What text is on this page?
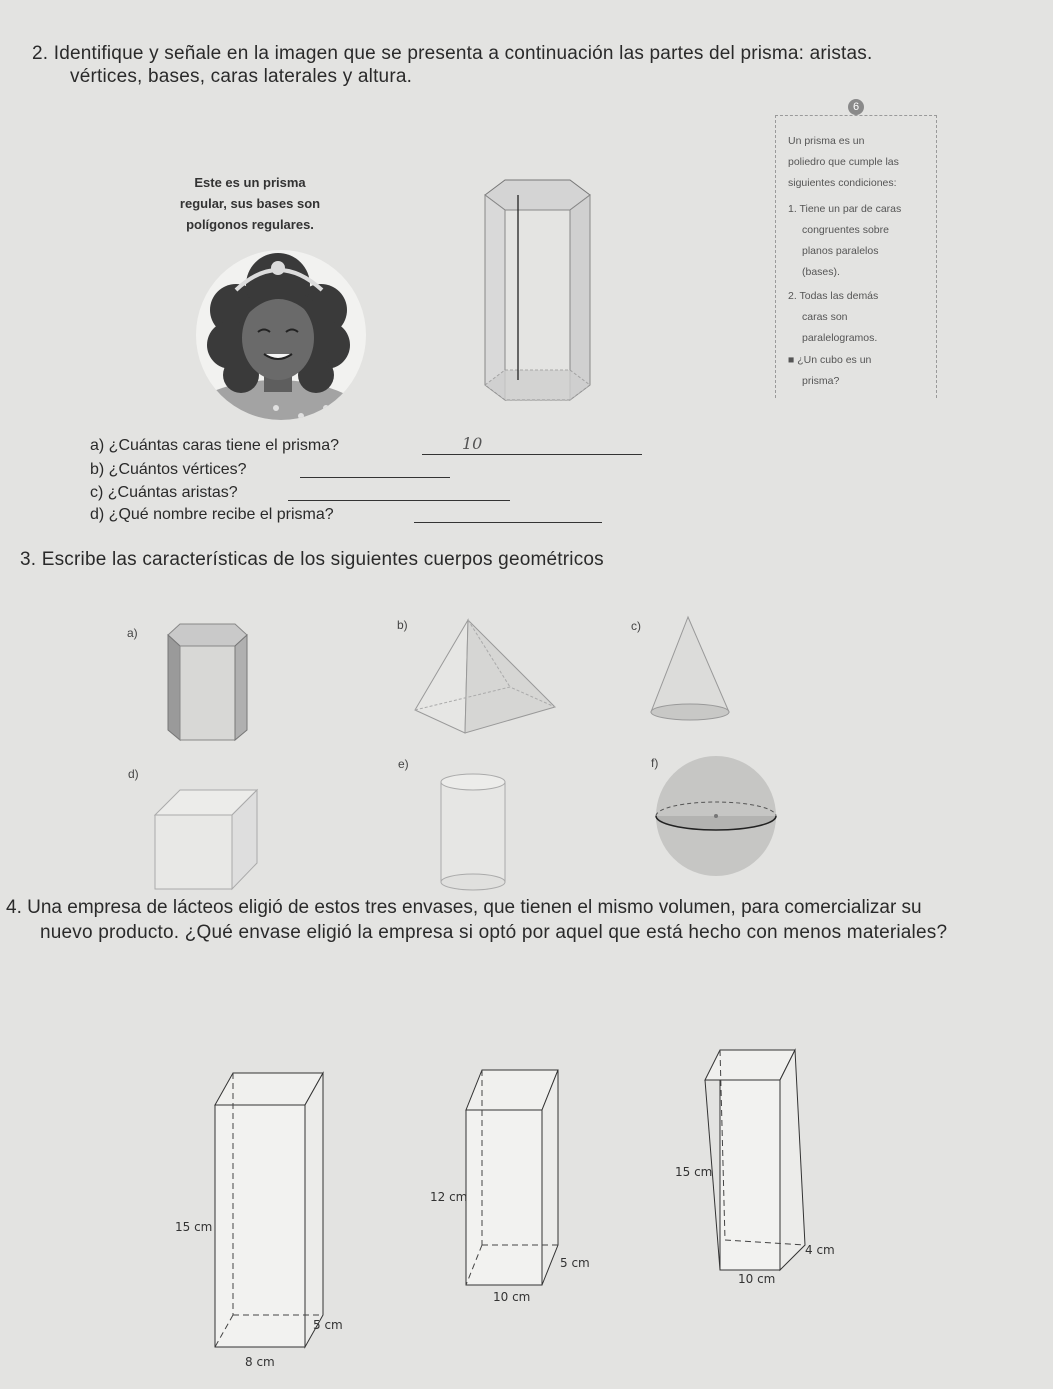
2. Identifique y señale en la imagen que se presenta a continuación las partes del prisma: aristas.
vértices, bases, caras laterales y altura.
Este es un prisma
regular, sus bases son
polígonos regulares.
6
Un prisma es un
poliedro que cumple las
siguientes condiciones:
1. Tiene un par de caras
congruentes sobre
planos paralelos
(bases).
2. Todas las demás
caras son
paralelogramos.
■ ¿Un cubo es un
prisma?
a) ¿Cuántas caras tiene el prisma?	10
b) ¿Cuántos vértices?
c) ¿Cuántas aristas?
d) ¿Qué nombre recibe el prisma?
3. Escribe las características de los siguientes cuerpos geométricos
a)
b)	c)
d)
e)	f)
4. Una empresa de lácteos eligió de estos tres envases, que tienen el mismo volumen, para comercializar su
nuevo producto. ¿Qué envase eligió la empresa si optó por aquel que está hecho con menos materiales?
15 cm
5 cm
8 cm
12 cm
5 cm
10 cm
15 cm
4 cm
10 cm
